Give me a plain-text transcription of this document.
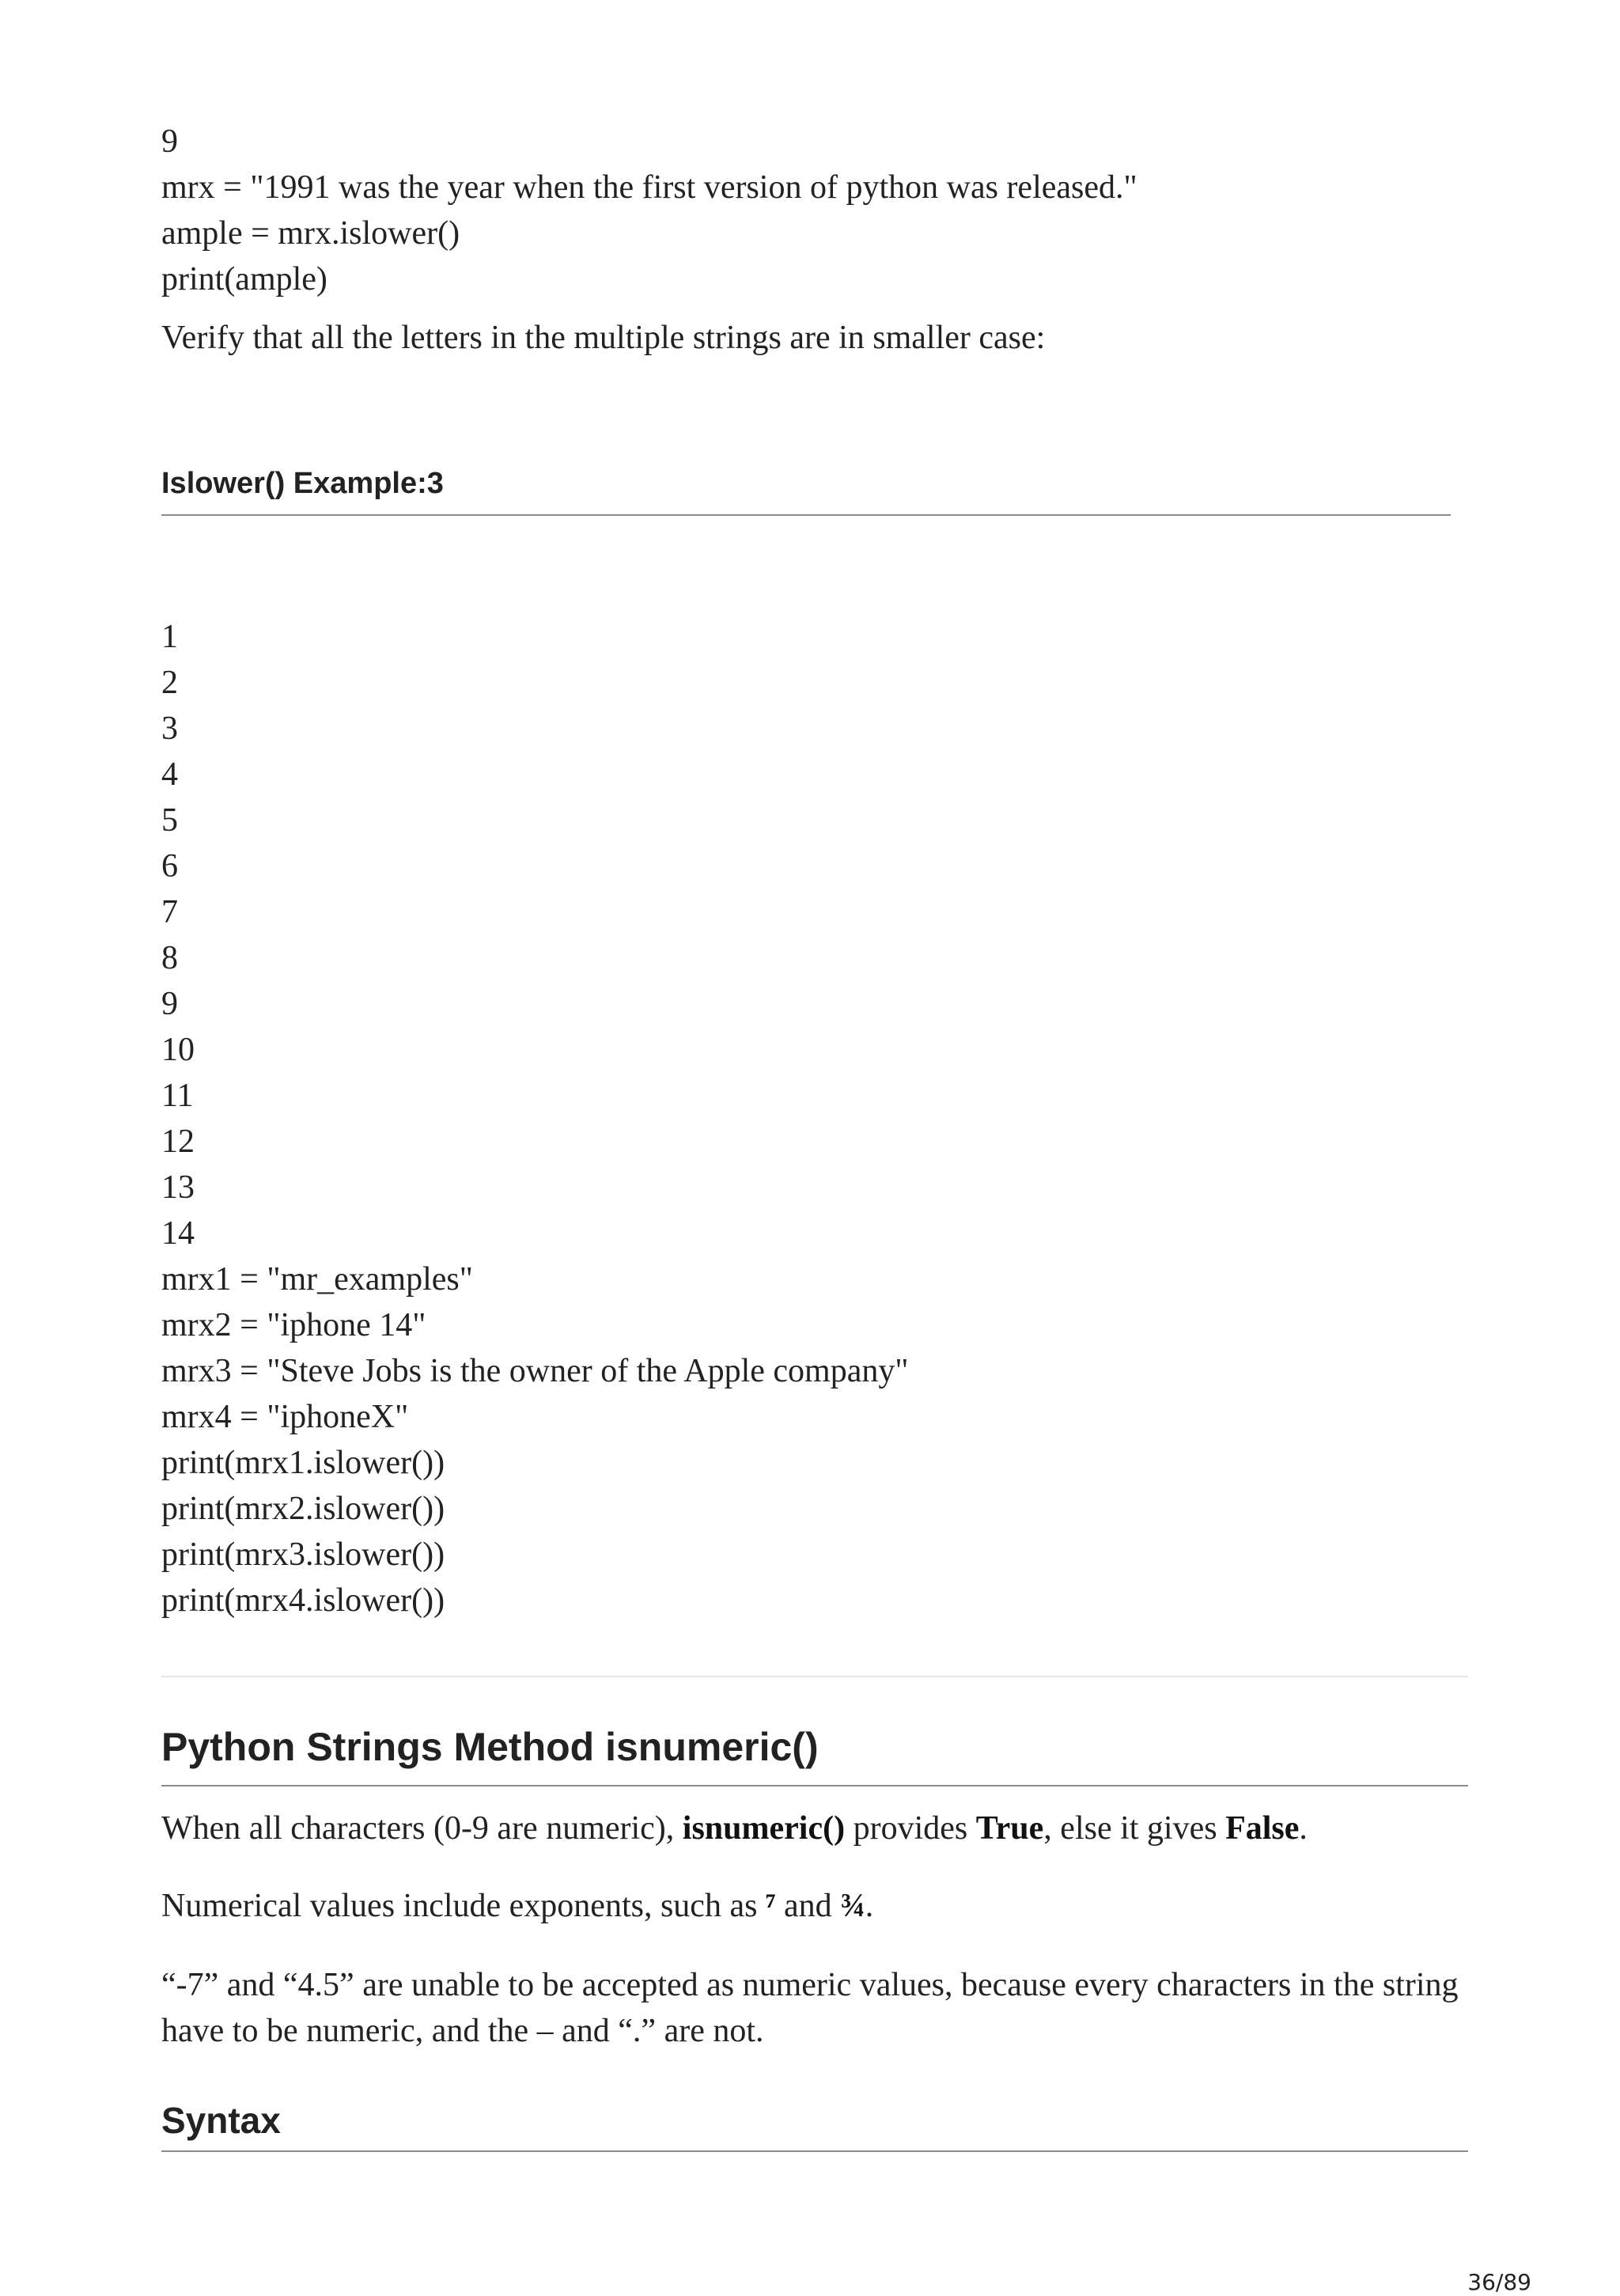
9
mrx = "1991 was the year when the first version of python was released."
ample = mrx.islower()
print(ample)

Verify that all the letters in the multiple strings are in smaller case:

Islower() Example:3
1
2
3
4
5
6
7
8
9
10
11
12
13
14
mrx1 = "mr_examples"
mrx2 = "iphone 14"
mrx3 = "Steve Jobs is the owner of the Apple company"
mrx4 = "iphoneX"
print(mrx1.islower())
print(mrx2.islower())
print(mrx3.islower())
print(mrx4.islower())
Python Strings Method isnumeric()

When all characters (0-9 are numeric), isnumeric() provides True, else it gives False.

Numerical values include exponents, such as ⁷ and ¾.

“-7” and “4.5” are unable to be accepted as numeric values, because every characters in the string have to be numeric, and the – and “.” are not.

Syntax
36/89
